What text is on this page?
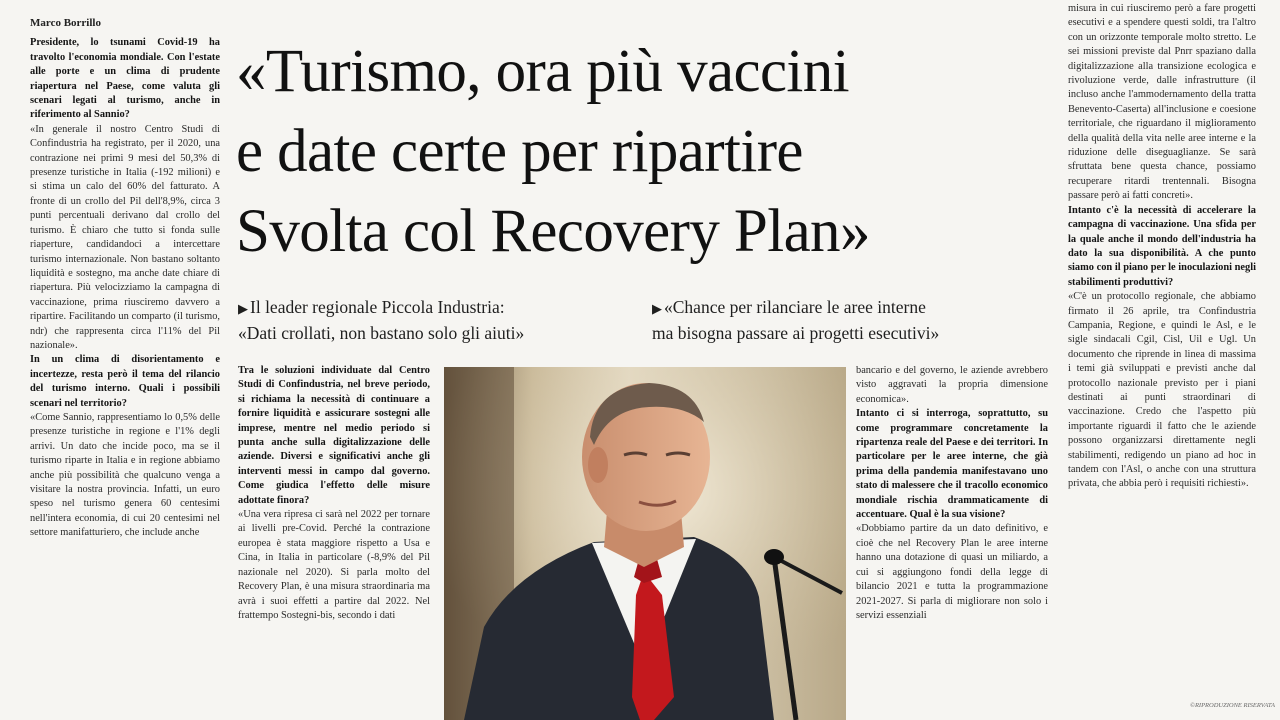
Marco Borrillo

Presidente, lo tsunami Covid-19 ha travolto l'economia mondiale. Con l'estate alle porte e un clima di prudente riapertura nel Paese, come valuta gli scenari legati al turismo, anche in riferimento al Sannio?

«In generale il nostro Centro Studi di Confindustria ha registrato, per il 2020, una contrazione nei primi 9 mesi del 50,3% di presenze turistiche in Italia (-192 milioni) e si stima un calo del 60% del fatturato. A fronte di un crollo del Pil dell'8,9%, circa 3 punti percentuali derivano dal crollo del turismo. È chiaro che tutto si fonda sulle riaperture, candidandoci a intercettare turismo internazionale. Non bastano soltanto liquidità e sostegno, ma anche date chiare di riapertura. Più velocizziamo la campagna di vaccinazione, prima riusciremo davvero a ripartire. Facilitando un comparto (il turismo, ndr) che rappresenta circa l'11% del Pil nazionale».

In un clima di disorientamento e incertezze, resta però il tema del rilancio del turismo interno. Quali i possibili scenari nel territorio?

«Come Sannio, rappresentiamo lo 0,5% delle presenze turistiche in regione e l'1% degli arrivi. Un dato che incide poco, ma se il turismo riparte in Italia e in regione abbiamo anche più possibilità che qualcuno venga a visitare la nostra provincia. Infatti, un euro speso nel turismo genera 60 centesimi nell'intera economia, di cui 20 centesimi nel settore manifatturiero, che include anche

«Turismo, ora più vaccini
e date certe per ripartire
Svolta col Recovery Plan»
▶ Il leader regionale Piccola Industria:
«Dati crollati, non bastano solo gli aiuti»
▶ «Chance per rilanciare le aree interne
ma bisogna passare ai progetti esecutivi»

Tra le soluzioni individuate dal Centro Studi di Confindustria, nel breve periodo, si richiama la necessità di continuare a fornire liquidità e assicurare sostegni alle imprese, mentre nel medio periodo si punta anche sulla digitalizzazione delle aziende. Diversi e significativi anche gli interventi messi in campo dal governo. Come giudica l'effetto delle misure adottate finora?

«Una vera ripresa ci sarà nel 2022 per tornare ai livelli pre-Covid. Perché la contrazione europea è stata maggiore rispetto a Usa e Cina, in Italia in particolare (-8,9% del Pil nazionale nel 2020). Si parla molto del Recovery Plan, è una misura straordinaria ma avrà i suoi effetti a partire dal 2022. Nel frattempo Sostegni-bis, secondo i dati

bancario e del governo, le aziende avrebbero visto aggravati la propria dimensione economica».

Intanto ci si interroga, soprattutto, su come programmare concretamente la ripartenza reale del Paese e dei territori. In particolare per le aree interne, che già prima della pandemia manifestavano uno stato di malessere che il tracollo economico mondiale rischia drammaticamente di accentuare. Qual è la sua visione?

«Dobbiamo partire da un dato definitivo, e cioè che nel Recovery Plan le aree interne hanno una dotazione di quasi un miliardo, a cui si aggiungono fondi della legge di bilancio 2021 e tutta la programmazione 2021-2027. Si parla di migliorare non solo i servizi essenziali

misura in cui riusciremo però a fare progetti esecutivi e a spendere questi soldi, tra l'altro con un orizzonte temporale molto stretto. Le sei missioni previste dal Pnrr spaziano dalla digitalizzazione alla transizione ecologica e rivoluzione verde, dalle infrastrutture (il incluso anche l'ammodernamento della tratta Benevento-Caserta) all'inclusione e coesione territoriale, che riguardano il miglioramento della qualità della vita nelle aree interne e la riduzione delle diseguaglianze. Se sarà sfruttata bene questa chance, possiamo recuperare ritardi trentennali. Bisogna passare però ai fatti concreti».

Intanto c'è la necessità di accelerare la campagna di vaccinazione. Una sfida per la quale anche il mondo dell'industria ha dato la sua disponibilità. A che punto siamo con il piano per le inoculazioni negli stabilimenti produttivi?

«C'è un protocollo regionale, che abbiamo firmato il 26 aprile, tra Confindustria Campania, Regione, e quindi le Asl, e le sigle sindacali Cgil, Cisl, Uil e Ugl. Un documento che riprende in linea di massima i temi già sviluppati e previsti anche dal protocollo nazionale previsto per i piani destinati ai punti straordinari di vaccinazione. Credo che l'aspetto più importante riguardi il fatto che le aziende possono organizzarsi direttamente negli stabilimenti, redigendo un piano ad hoc in tandem con l'Asl, o anche con una struttura privata, che abbia però i requisiti richiesti».

©RIPRODUZIONE RISERVATA
